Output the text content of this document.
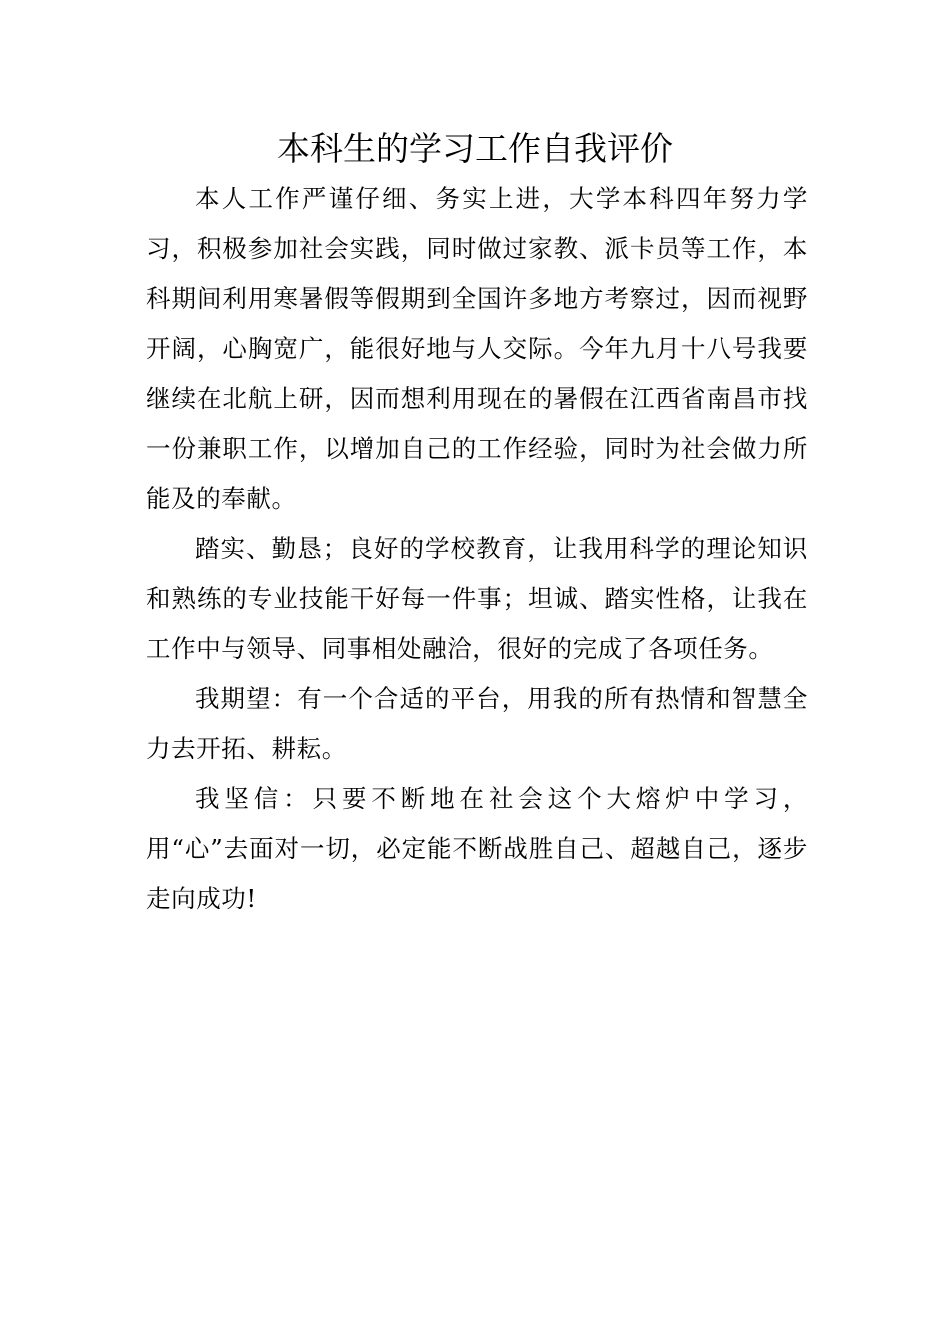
本科生的学习工作自我评价

本人工作严谨仔细、务实上进，大学本科四年努力学习，积极参加社会实践，同时做过家教、派卡员等工作，本科期间利用寒暑假等假期到全国许多地方考察过，因而视野开阔，心胸宽广，能很好地与人交际。今年九月十八号我要继续在北航上研，因而想利用现在的暑假在江西省南昌市找一份兼职工作，以增加自己的工作经验，同时为社会做力所能及的奉献。

踏实、勤恳；良好的学校教育，让我用科学的理论知识和熟练的专业技能干好每一件事；坦诚、踏实性格，让我在工作中与领导、同事相处融洽，很好的完成了各项任务。

我期望：有一个合适的平台，用我的所有热情和智慧全力去开拓、耕耘。

我坚信：只要不断地在社会这个大熔炉中学习，用“心”去面对一切，必定能不断战胜自己、超越自己，逐步走向成功!
